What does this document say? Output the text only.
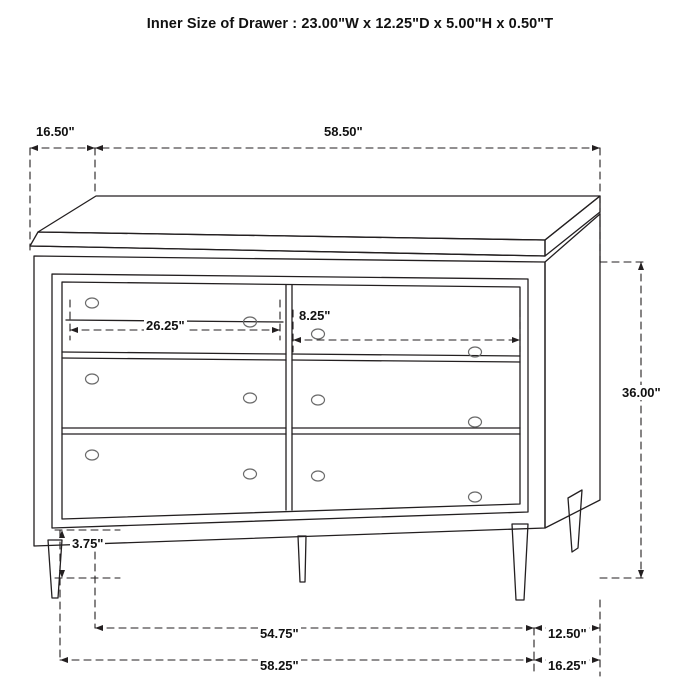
Inner Size of Drawer : 23.00"W x 12.25"D x 5.00"H x 0.50"T
16.50"	58.50"
36.00"
26.25"
8.25"
3.75"
54.75"
58.25"
12.50"
16.25"
